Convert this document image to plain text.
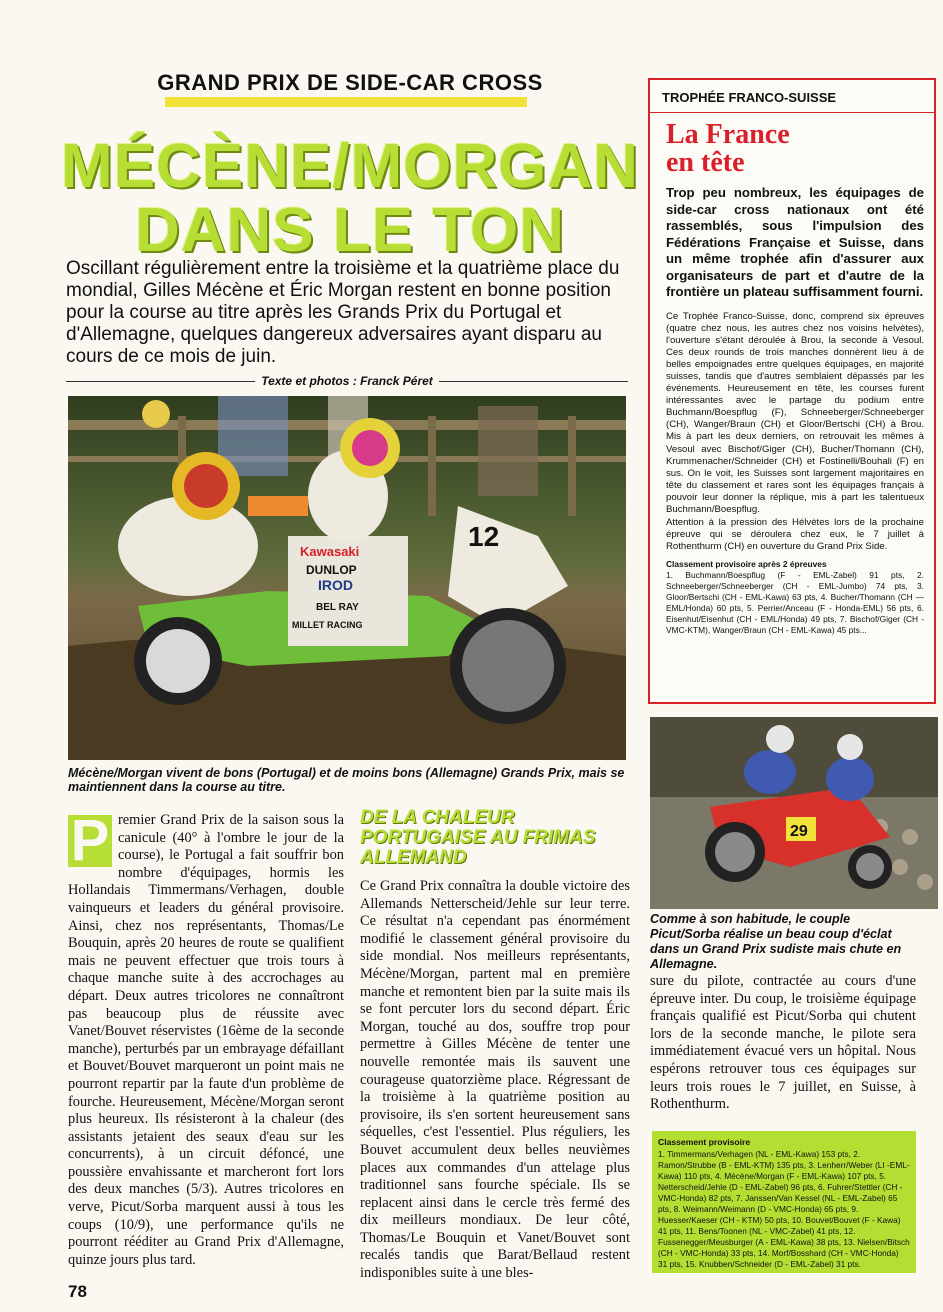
GRAND PRIX DE SIDE-CAR CROSS
MÉCÈNE/MORGAN
DANS LE TON
Oscillant régulièrement entre la troisième et la quatrième place du mondial, Gilles Mécène et Éric Morgan restent en bonne position pour la course au titre après les Grands Prix du Portugal et d'Allemagne, quelques dangereux adversaires ayant disparu au cours de ce mois de juin.
Texte et photos : Franck Péret
Kawasaki
DUNLOP
IROD
BEL RAY
MILLET RACING
12
Mécène/Morgan vivent de bons (Portugal) et de moins bons (Allemagne) Grands Prix, mais se maintiennent dans la course au titre.
P remier Grand Prix de la saison sous la canicule (40° à l'ombre le jour de la course), le Portugal a fait souffrir bon nombre d'équipages, hormis les Hollandais Timmermans/Verhagen, double vainqueurs et leaders du général provisoire. Ainsi, chez nos représentants, Thomas/Le Bouquin, après 20 heures de route se qualifient mais ne peuvent effectuer que trois tours à chaque manche suite à des accrochages au départ. Deux autres tricolores ne connaîtront pas beaucoup plus de réussite avec Vanet/Bouvet réservistes (16ème de la seconde manche), perturbés par un embrayage défaillant et Bouvet/Bouvet marqueront un point mais ne pourront repartir par la faute d'un problème de fourche. Heureusement, Mécène/Morgan seront plus heureux. Ils résisteront à la chaleur (des assistants jetaient des seaux d'eau sur les concurrents), à un circuit défoncé, une poussière envahissante et marcheront fort lors des deux manches (5/3). Autres tricolores en verve, Picut/Sorba marquent aussi à tous les coups (10/9), une performance qu'ils ne pourront rééditer au Grand Prix d'Allemagne, quinze jours plus tard.
DE LA CHALEUR PORTUGAISE AU FRIMAS ALLEMAND
Ce Grand Prix connaîtra la double victoire des Allemands Netterscheid/Jehle sur leur terre. Ce résultat n'a cependant pas énormément modifié le classement général provisoire du side mondial. Nos meilleurs représentants, Mécène/Morgan, partent mal en première manche et remontent bien par la suite mais ils se font percuter lors du second départ. Éric Morgan, touché au dos, souffre trop pour permettre à Gilles Mécène de tenter une nouvelle remontée mais ils sauvent une courageuse quatorzième place. Régressant de la troisième à la quatrième position au provisoire, ils s'en sortent heureusement sans séquelles, c'est l'essentiel. Plus réguliers, les Bouvet accumulent deux belles neuvièmes places aux commandes d'un attelage plus traditionnel sans fourche spéciale. Ils se replacent ainsi dans le cercle très fermé des dix meilleurs mondiaux. De leur côté, Thomas/Le Bouquin et Vanet/Bouvet sont recalés tandis que Barat/Bellaud restent indisponibles suite à une bles-
TROPHÉE FRANCO-SUISSE
La France
en tête
Trop peu nombreux, les équipages de side-car cross nationaux ont été rassemblés, sous l'impulsion des Fédérations Française et Suisse, dans un même trophée afin d'assurer aux organisateurs de part et d'autre de la frontière un plateau suffisamment fourni.

Ce Trophée Franco-Suisse, donc, comprend six épreuves (quatre chez nous, les autres chez nos voisins helvètes), l'ouverture s'étant déroulée à Brou, la seconde à Vesoul. Ces deux rounds de trois manches donnèrent lieu à de belles empoignades entre quelques équipages, en majorité suisses, tandis que d'autres semblaient dépassés par les événements. Heureusement en tête, les courses furent intéressantes avec le partage du podium entre Buchmann/Boespflug (F), Schneeberger/Schneeberger (CH), Wanger/Braun (CH) et Gloor/Bertschi (CH) à Brou. Mis à part les deux derniers, on retrouvait les mêmes à Vesoul avec Bischof/Giger (CH), Bucher/Thomann (CH), Krummenacher/Schneider (CH) et Fostinelli/Bouhali (F) en sus. On le voit, les Suisses sont largement majoritaires en tête du classement et rares sont les équipages français à pouvoir leur donner la réplique, mis à part les talentueux Buchmann/Boespflug.

Attention à la pression des Hélvètes lors de la prochaine épreuve qui se déroulera chez eux, le 7 juillet à Rothenthurm (CH) en ouverture du Grand Prix Side.

Classement provisoire après 2 épreuves
1. Buchmann/Boespflug (F - EML-Zabel) 91 pts, 2. Schneeberger/Schneeberger (CH - EML-Jumbo) 74 pts, 3. Gloor/Bertschi (CH - EML-Kawa) 63 pts, 4. Bucher/Thomann (CH — EML/Honda) 60 pts, 5. Perrier/Anceau (F - Honda-EML) 56 pts, 6. Eisenhut/Eisenhut (CH - EML/Honda) 49 pts, 7. Bischof/Giger (CH - VMC-KTM), Wanger/Braun (CH - EML-Kawa) 45 pts...
29
Comme à son habitude, le couple Picut/Sorba réalise un beau coup d'éclat dans un Grand Prix sudiste mais chute en Allemagne.
sure du pilote, contractée au cours d'une épreuve inter. Du coup, le troisième équipage français qualifié est Picut/Sorba qui chutent lors de la seconde manche, le pilote sera immédiatement évacué vers un hôpital. Nous espérons retrouver tous ces équipages sur leurs trois roues le 7 juillet, en Suisse, à Rothenthurm.
Classement provisoire
1. Timmermans/Verhagen (NL - EML-Kawa) 153 pts, 2. Ramon/Strubbe (B - EML-KTM) 135 pts, 3. Lenherr/Weber (LI -EML-Kawa) 110 pts, 4. Mécène/Morgan (F - EML-Kawa) 107 pts, 5. Netterscheid/Jehle (D - EML-Zabel) 96 pts, 6. Fuhrer/Stettler (CH - VMC-Honda) 82 pts, 7. Janssen/Van Kessel (NL - EML-Zabel) 65 pts, 8. Weimann/Weimann (D - VMC-Honda) 65 pts, 9. Huesser/Kaeser (CH - KTM) 50 pts, 10. Bouvet/Bouvet (F - Kawa) 41 pts, 11. Bens/Toonen (NL - VMC-Zabel) 41 pts, 12. Fussenegger/Meusburger (A - EML-Kawa) 38 pts, 13. Nielsen/Bitsch (CH - VMC-Honda) 33 pts, 14. Morf/Bosshard (CH - VMC-Honda) 31 pts, 15. Knubben/Schneider (D - EML-Zabel) 31 pts.
78
